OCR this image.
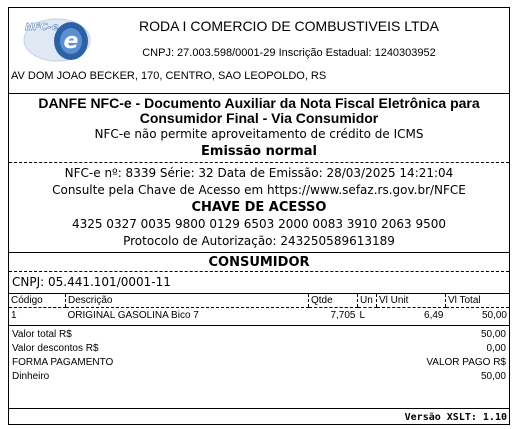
e
NFC-e	RODA I COMERCIO DE COMBUSTIVEIS LTDA
CNPJ: 27.003.598/0001-29 Inscrição Estadual: 1240303952
AV DOM JOAO BECKER, 170, CENTRO, SAO LEOPOLDO, RS
DANFE NFC-e - Documento Auxiliar da Nota Fiscal Eletrônica para Consumidor Final - Via Consumidor
NFC-e não permite aproveitamento de crédito de ICMS
Emissão normal
NFC-e nº: 8339 Série: 32 Data de Emissão: 28/03/2025 14:21:04
Consulte pela Chave de Acesso em https://www.sefaz.rs.gov.br/NFCE
CHAVE DE ACESSO
4325 0327 0035 9800 0129 6503 2000 0083 3910 2063 9500
Protocolo de Autorização: 243250589613189
CONSUMIDOR
CNPJ: 05.441.101/0001-11
Código	Descrição	Qtde	Un	Vl Unit	Vl Total
1	ORIGINAL GASOLINA Bico 7	7,705	L	6,49	50,00
Valor total R$	50,00
Valor descontos R$	0,00
FORMA PAGAMENTO	VALOR PAGO R$
Dinheiro	50,00
Versão XSLT: 1.10
